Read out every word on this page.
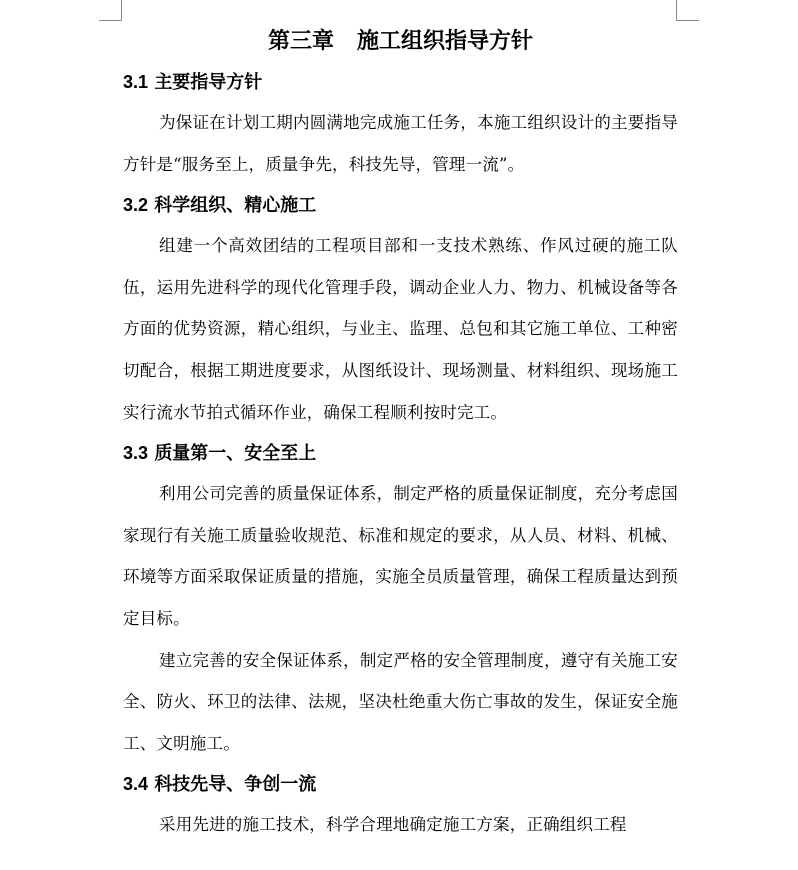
第三章   施工组织指导方针
3.1 主要指导方针

为保证在计划工期内圆满地完成施工任务，本施工组织设计的主要指导方针是“服务至上，质量争先，科技先导，管理一流”。

3.2 科学组织、精心施工

组建一个高效团结的工程项目部和一支技术熟练、作风过硬的施工队伍，运用先进科学的现代化管理手段，调动企业人力、物力、机械设备等各方面的优势资源，精心组织，与业主、监理、总包和其它施工单位、工种密切配合，根据工期进度要求，从图纸设计、现场测量、材料组织、现场施工实行流水节拍式循环作业，确保工程顺利按时完工。

3.3 质量第一、安全至上

利用公司完善的质量保证体系，制定严格的质量保证制度，充分考虑国家现行有关施工质量验收规范、标准和规定的要求，从人员、材料、机械、环境等方面采取保证质量的措施，实施全员质量管理，确保工程质量达到预定目标。

建立完善的安全保证体系，制定严格的安全管理制度，遵守有关施工安全、防火、环卫的法律、法规，坚决杜绝重大伤亡事故的发生，保证安全施工、文明施工。

3.4 科技先导、争创一流

采用先进的施工技术，科学合理地确定施工方案，正确组织工程
